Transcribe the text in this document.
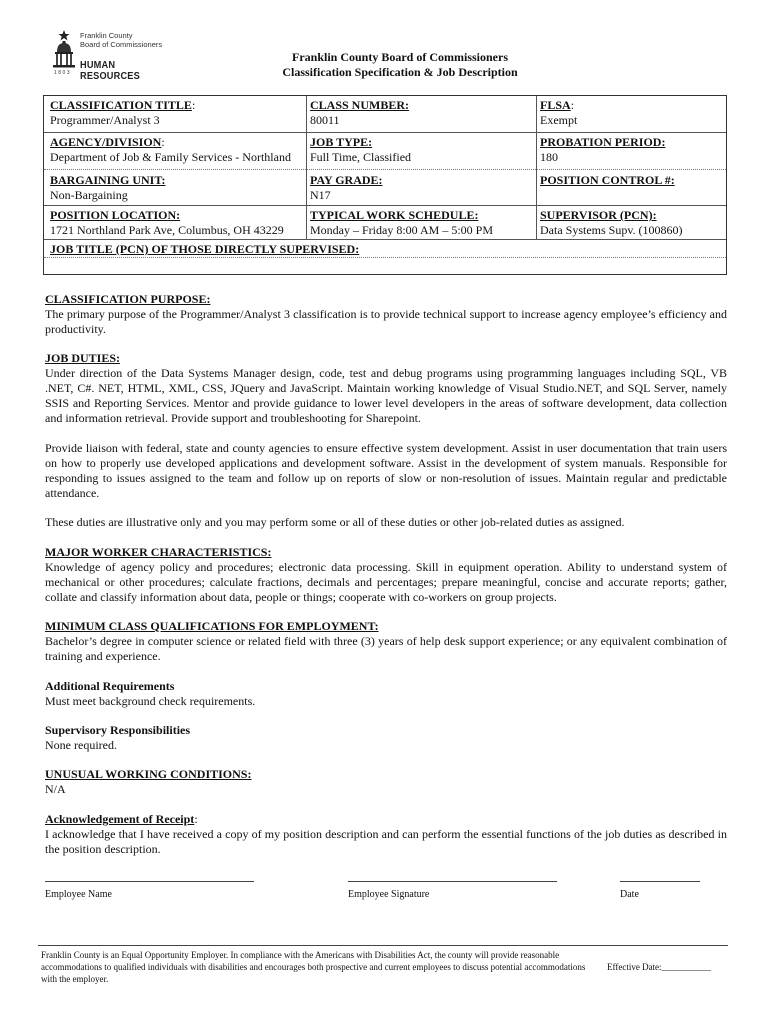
Franklin County
Board of Commissioners
HUMAN RESOURCES
1803
Franklin County Board of Commissioners
Classification Specification & Job Description
CLASSIFICATION TITLE:
Programmer/Analyst 3
CLASS NUMBER:
80011
FLSA:
Exempt
AGENCY/DIVISION:
Department of Job & Family Services - Northland
JOB TYPE:
Full Time, Classified
PROBATION PERIOD:
180
BARGAINING UNIT:
Non-Bargaining
PAY GRADE:
N17
POSITION CONTROL #:
POSITION LOCATION:
1721 Northland Park Ave, Columbus, OH 43229
TYPICAL WORK SCHEDULE:
Monday – Friday 8:00 AM – 5:00 PM
SUPERVISOR (PCN):
Data Systems Supv. (100860)
JOB TITLE (PCN) OF THOSE DIRECTLY SUPERVISED:
CLASSIFICATION PURPOSE:
The primary purpose of the Programmer/Analyst 3 classification is to provide technical support to increase agency employee’s efficiency and productivity.
JOB DUTIES:
Under direction of the Data Systems Manager design, code, test and debug programs using programming languages including SQL, VB .NET, C#. NET, HTML, XML, CSS, JQuery and JavaScript. Maintain working knowledge of Visual Studio.NET, and SQL Server, namely SSIS and Reporting Services. Mentor and provide guidance to lower level developers in the areas of software development, data collection and information retrieval. Provide support and troubleshooting for Sharepoint.
Provide liaison with federal, state and county agencies to ensure effective system development. Assist in user documentation that train users on how to properly use developed applications and development software. Assist in the development of system manuals. Responsible for responding to issues assigned to the team and follow up on reports of slow or non-resolution of issues. Maintain regular and predictable attendance.
These duties are illustrative only and you may perform some or all of these duties or other job-related duties as assigned.
MAJOR WORKER CHARACTERISTICS:
Knowledge of agency policy and procedures; electronic data processing. Skill in equipment operation. Ability to understand system of mechanical or other procedures; calculate fractions, decimals and percentages; prepare meaningful, concise and accurate reports; gather, collate and classify information about data, people or things; cooperate with co-workers on group projects.
MINIMUM CLASS QUALIFICATIONS FOR EMPLOYMENT:
Bachelor’s degree in computer science or related field with three (3) years of help desk support experience; or any equivalent combination of training and experience.
Additional Requirements
Must meet background check requirements.
Supervisory Responsibilities
None required.
UNUSUAL WORKING CONDITIONS:
N/A
Acknowledgement of Receipt:
I acknowledge that I have received a copy of my position description and can perform the essential functions of the job duties as described in the position description.
Employee Name	Employee Signature	Date
Franklin County is an Equal Opportunity Employer. In compliance with the Americans with Disabilities Act, the county will provide reasonable accommodations to qualified individuals with disabilities and encourages both prospective and current employees to discuss potential accommodations with the employer.
Effective Date:___________
